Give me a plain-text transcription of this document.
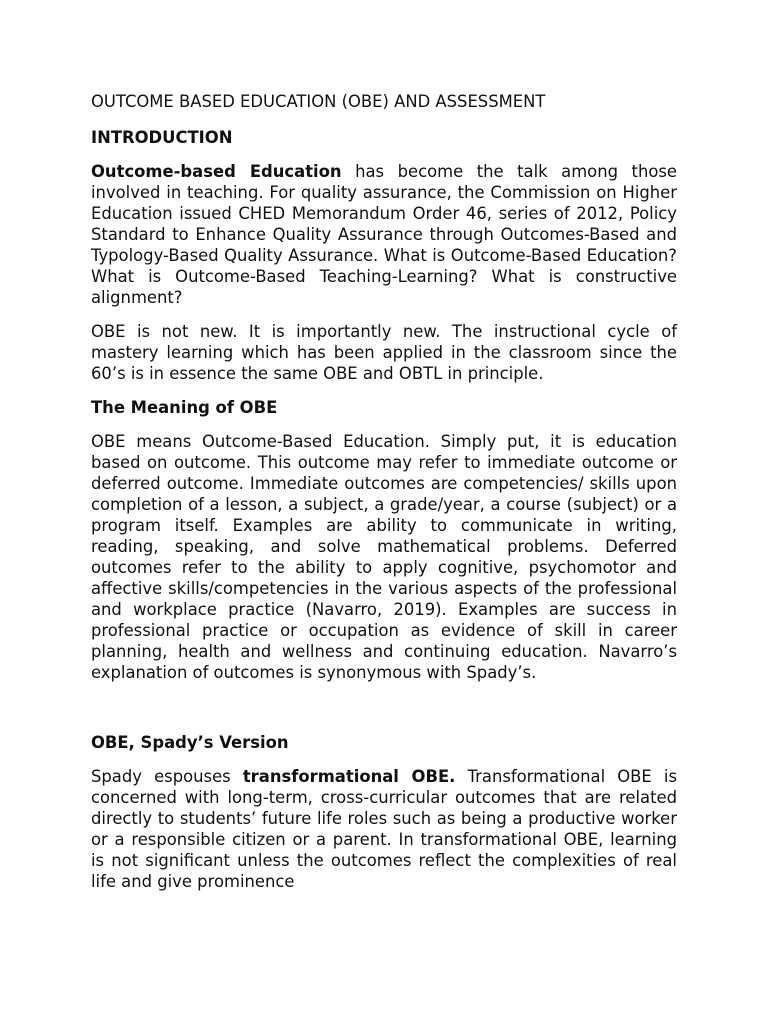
OUTCOME BASED EDUCATION (OBE) AND ASSESSMENT
INTRODUCTION

Outcome-based Education has become the talk among those involved in teaching. For quality assurance, the Commission on Higher Education issued CHED Memorandum Order 46, series of 2012, Policy Standard to Enhance Quality Assurance through Outcomes-Based and Typology-Based Quality Assurance. What is Outcome-Based Education? What is Outcome-Based Teaching-Learning? What is constructive alignment?

OBE is not new. It is importantly new. The instructional cycle of mastery learning which has been applied in the classroom since the 60’s is in essence the same OBE and OBTL in principle.

The Meaning of OBE

OBE means Outcome-Based Education. Simply put, it is education based on outcome. This outcome may refer to immediate outcome or deferred outcome. Immediate outcomes are competencies/ skills upon completion of a lesson, a subject, a grade/year, a course (subject) or a program itself. Examples are ability to communicate in writing, reading, speaking, and solve mathematical problems. Deferred outcomes refer to the ability to apply cognitive, psychomotor and affective skills/competencies in the various aspects of the professional and workplace practice (Navarro, 2019). Examples are success in professional practice or occupation as evidence of skill in career planning, health and wellness and continuing education. Navarro’s explanation of outcomes is synonymous with Spady’s.

OBE, Spady’s Version

Spady espouses transformational OBE. Transformational OBE is concerned with long-term, cross-curricular outcomes that are related directly to students’ future life roles such as being a productive worker or a responsible citizen or a parent. In transformational OBE, learning is not significant unless the outcomes reflect the complexities of real life and give prominence
